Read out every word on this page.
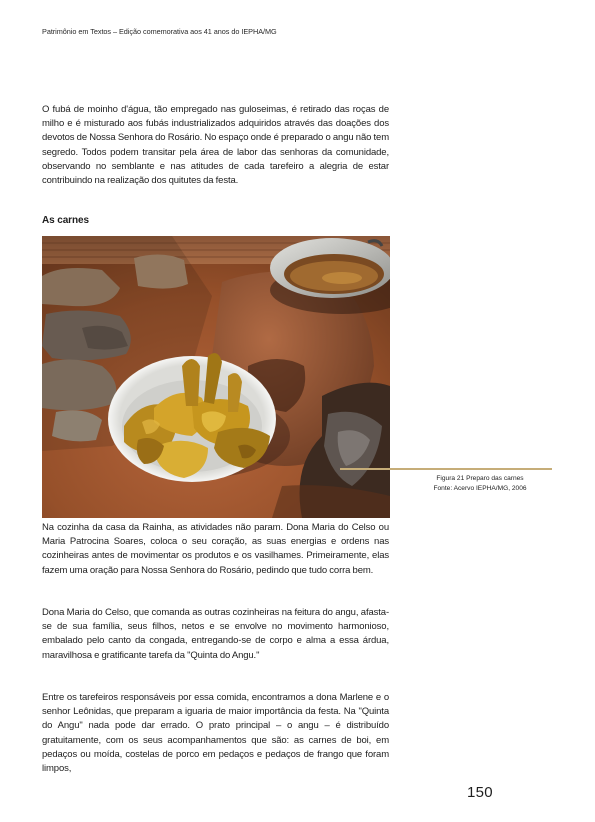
Patrimônio em Textos – Edição comemorativa aos 41 anos do IEPHA/MG

O fubá de moinho d'água, tão empregado nas guloseimas, é retirado das roças de milho e é misturado aos fubás industrializados adquiridos através das doações dos devotos de Nossa Senhora do Rosário. No espaço onde é preparado o angu não tem segredo. Todos podem transitar pela área de labor das senhoras da comunidade, observando no semblante e nas atitudes de cada tarefeiro a alegria de estar contribuindo na realização dos quitutes da festa.

As carnes
Figura 21 Preparo das carnes
Fonte: Acervo IEPHA/MG, 2006

Na cozinha da casa da Rainha, as atividades não param. Dona Maria do Celso ou Maria Patrocina Soares, coloca o seu coração, as suas energias e ordens nas cozinheiras antes de movimentar os produtos e os vasilhames. Primeiramente, elas fazem uma oração para Nossa Senhora do Rosário, pedindo que tudo corra bem.

Dona Maria do Celso, que comanda as outras cozinheiras na feitura do angu, afasta-se de sua família, seus filhos, netos e se envolve no movimento harmonioso, embalado pelo canto da congada, entregando-se de corpo e alma a essa árdua, maravilhosa e gratificante tarefa da "Quinta do Angu."

Entre os tarefeiros responsáveis por essa comida, encontramos a dona Marlene e o senhor Leônidas, que preparam a iguaria de maior importância da festa. Na "Quinta do Angu" nada pode dar errado. O prato principal – o angu – é distribuído gratuitamente, com os seus acompanhamentos que são: as carnes de boi, em pedaços ou moída, costelas de porco em pedaços e pedaços de frango que foram limpos,

150
